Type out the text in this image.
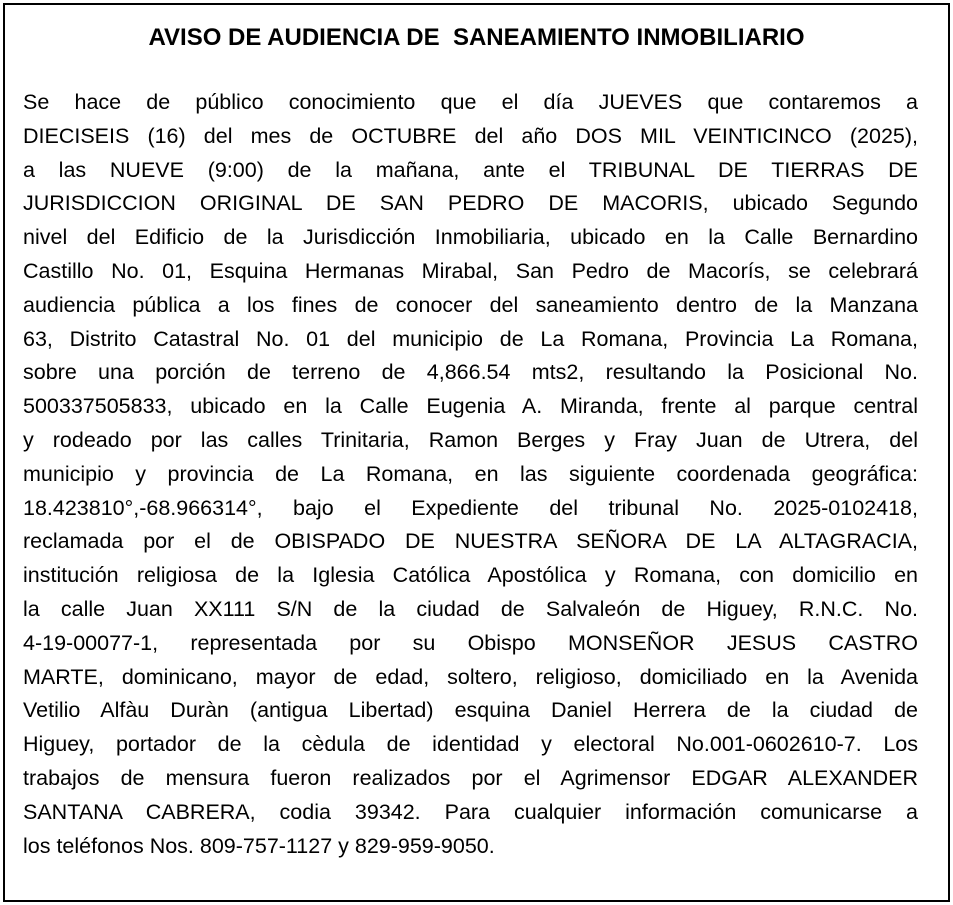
AVISO DE AUDIENCIA DE  SANEAMIENTO INMOBILIARIO
Se hace de público conocimiento que el día JUEVES que contaremos a
DIECISEIS (16) del mes de OCTUBRE del año DOS MIL VEINTICINCO (2025),
a las NUEVE (9:00) de la mañana, ante el TRIBUNAL DE TIERRAS DE
JURISDICCION ORIGINAL DE SAN PEDRO DE MACORIS, ubicado Segundo
nivel del Edificio de la Jurisdicción Inmobiliaria, ubicado en la Calle Bernardino
Castillo No. 01, Esquina Hermanas Mirabal, San Pedro de Macorís, se celebrará
audiencia pública a los fines de conocer del saneamiento dentro de la Manzana
63, Distrito Catastral No. 01 del municipio de La Romana, Provincia La Romana,
sobre una porción de terreno de 4,866.54 mts2, resultando la Posicional No.
500337505833, ubicado en la Calle Eugenia A. Miranda, frente al parque central
y rodeado por las calles Trinitaria, Ramon Berges y Fray Juan de Utrera, del
municipio y provincia de La Romana, en las siguiente coordenada geográfica:
18.423810°,-68.966314°, bajo el Expediente del tribunal No. 2025-0102418,
reclamada por el de OBISPADO DE NUESTRA SEÑORA DE LA ALTAGRACIA,
institución religiosa de la Iglesia Católica Apostólica y Romana, con domicilio en
la calle Juan XX111 S/N de la ciudad de Salvaleón de Higuey, R.N.C. No.
4-19-00077-1, representada por su Obispo MONSEÑOR JESUS CASTRO
MARTE, dominicano, mayor de edad, soltero, religioso, domiciliado en la Avenida
Vetilio Alfàu Duràn (antigua Libertad) esquina Daniel Herrera de la ciudad de
Higuey, portador de la cèdula de identidad y electoral No.001-0602610-7. Los
trabajos de mensura fueron realizados por el Agrimensor EDGAR ALEXANDER
SANTANA CABRERA, codia 39342. Para cualquier información comunicarse a
los teléfonos Nos. 809-757-1127 y 829-959-9050.
